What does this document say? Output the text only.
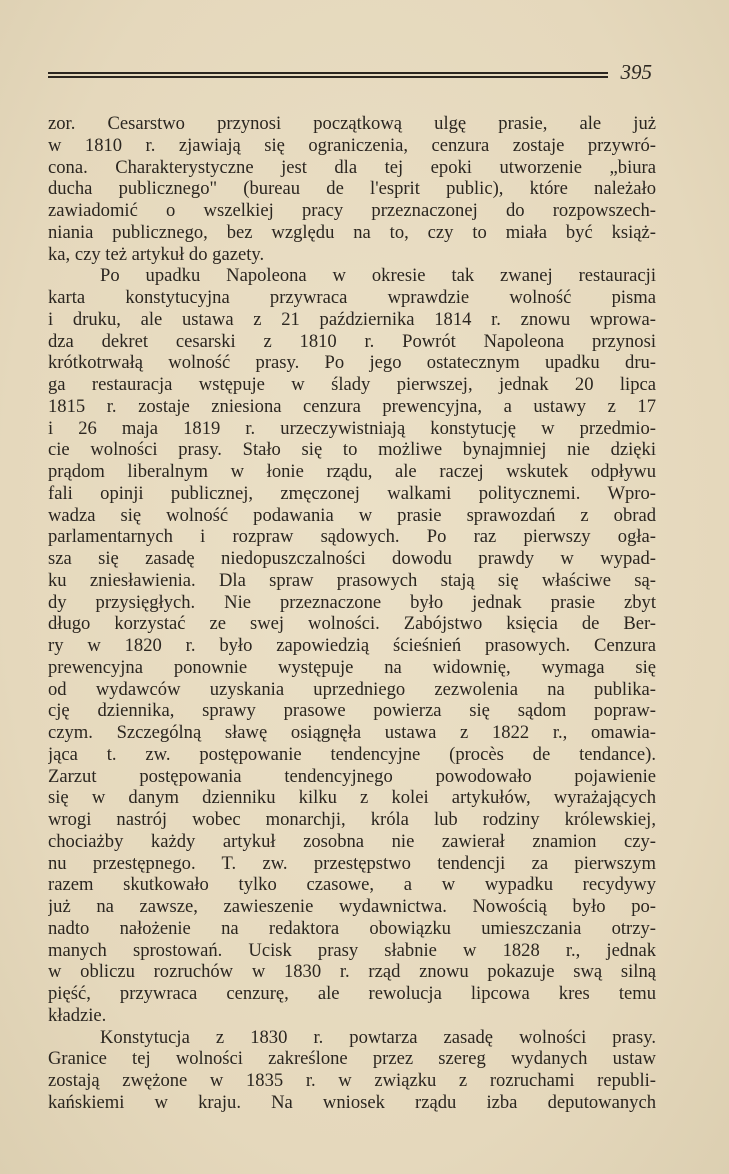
395
zor. Cesarstwo przynosi początkową ulgę prasie, ale już
w 1810 r. zjawiają się ograniczenia, cenzura zostaje przywró-
cona. Charakterystyczne jest dla tej epoki utworzenie „biura
ducha publicznego" (bureau de l'esprit public), które należało
zawiadomić o wszelkiej pracy przeznaczonej do rozpowszech-
niania publicznego, bez względu na to, czy to miała być książ-
ka, czy też artykuł do gazety.
Po upadku Napoleona w okresie tak zwanej restauracji
karta konstytucyjna przywraca wprawdzie wolność pisma
i druku, ale ustawa z 21 października 1814 r. znowu wprowa-
dza dekret cesarski z 1810 r. Powrót Napoleona przynosi
krótkotrwałą wolność prasy. Po jego ostatecznym upadku dru-
ga restauracja wstępuje w ślady pierwszej, jednak 20 lipca
1815 r. zostaje zniesiona cenzura prewencyjna, a ustawy z 17
i 26 maja 1819 r. urzeczywistniają konstytucję w przedmio-
cie wolności prasy. Stało się to możliwe bynajmniej nie dzięki
prądom liberalnym w łonie rządu, ale raczej wskutek odpływu
fali opinji publicznej, zmęczonej walkami politycznemi. Wpro-
wadza się wolność podawania w prasie sprawozdań z obrad
parlamentarnych i rozpraw sądowych. Po raz pierwszy ogła-
sza się zasadę niedopuszczalności dowodu prawdy w wypad-
ku zniesławienia. Dla spraw prasowych stają się właściwe są-
dy przysięgłych. Nie przeznaczone było jednak prasie zbyt
długo korzystać ze swej wolności. Zabójstwo księcia de Ber-
ry w 1820 r. było zapowiedzią ścieśnień prasowych. Cenzura
prewencyjna ponownie występuje na widownię, wymaga się
od wydawców uzyskania uprzedniego zezwolenia na publika-
cję dziennika, sprawy prasowe powierza się sądom popraw-
czym. Szczególną sławę osiągnęła ustawa z 1822 r., omawia-
jąca t. zw. postępowanie tendencyjne (procès de tendance).
Zarzut postępowania tendencyjnego powodowało pojawienie
się w danym dzienniku kilku z kolei artykułów, wyrażających
wrogi nastrój wobec monarchji, króla lub rodziny królewskiej,
chociażby każdy artykuł zosobna nie zawierał znamion czy-
nu przestępnego. T. zw. przestępstwo tendencji za pierwszym
razem skutkowało tylko czasowe, a w wypadku recydywy
już na zawsze, zawieszenie wydawnictwa. Nowością było po-
nadto nałożenie na redaktora obowiązku umieszczania otrzy-
manych sprostowań. Ucisk prasy słabnie w 1828 r., jednak
w obliczu rozruchów w 1830 r. rząd znowu pokazuje swą silną
pięść, przywraca cenzurę, ale rewolucja lipcowa kres temu
kładzie.
Konstytucja z 1830 r. powtarza zasadę wolności prasy.
Granice tej wolności zakreślone przez szereg wydanych ustaw
zostają zwężone w 1835 r. w związku z rozruchami republi-
kańskiemi w kraju. Na wniosek rządu izba deputowanych
